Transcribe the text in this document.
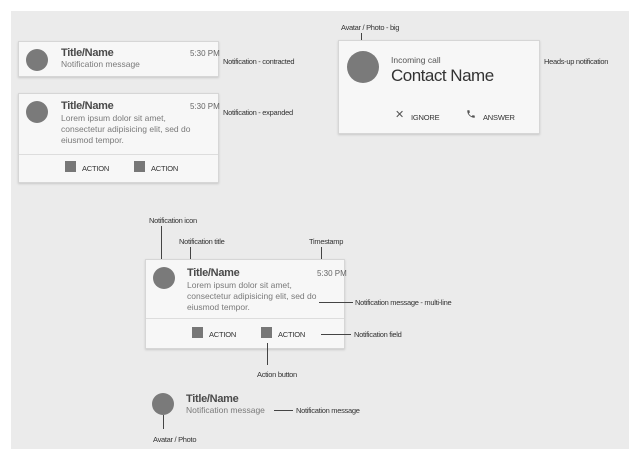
Title/Name
Notification message
5:30 PM
Notification - contracted
Title/Name	5:30 PM
Lorem ipsum dolor sit amet,
consectetur adipisicing elit, sed do
eiusmod tempor.
ACTION	ACTION
Notification - expanded
Avatar / Photo - big
Incoming call
Contact Name
✕ IGNORE	ANSWER
Heads-up notification
Notification icon
Notification title	Timestamp
Title/Name	5:30 PM
Lorem ipsum dolor sit amet,
consectetur adipisicing elit, sed do
eiusmod tempor.
ACTION	ACTION
Notification message - multi-line
Notification field
Action button
Title/Name
Notification message	Notification message
Avatar / Photo
